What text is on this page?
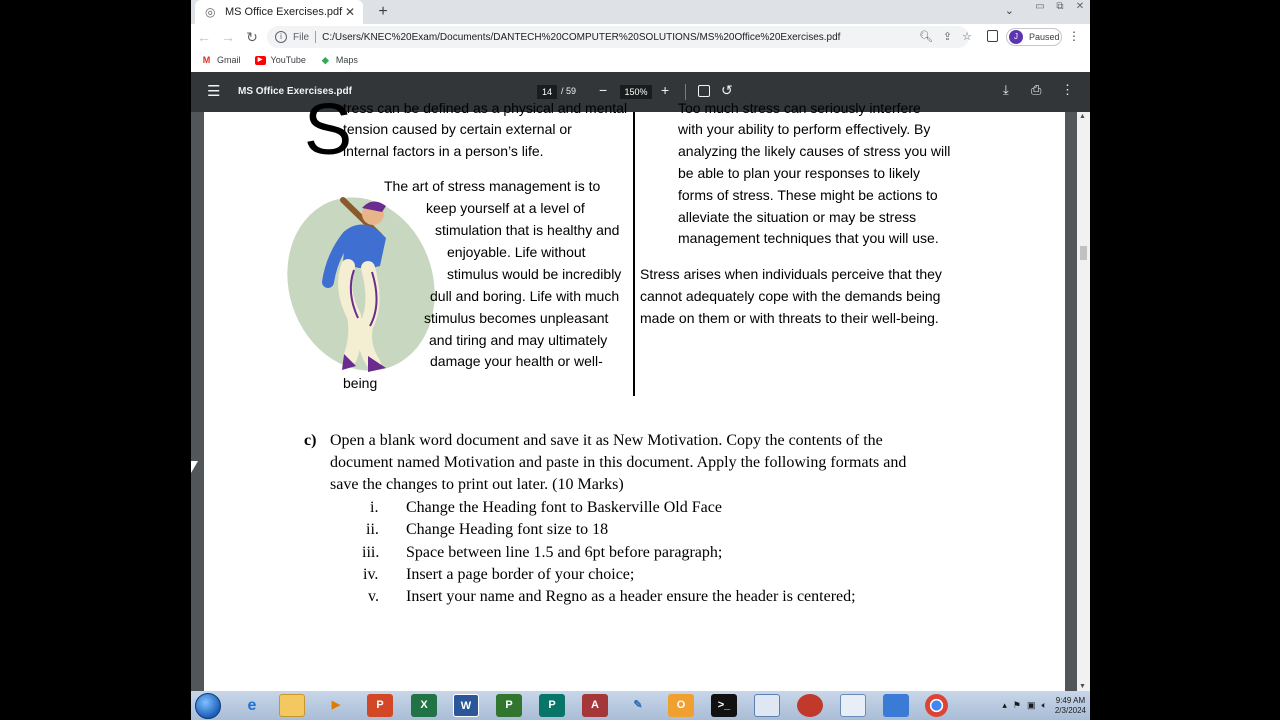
◎ MS Office Exercises.pdf ✕	+	⌄	▭	⧉	✕
← → ↻	i	File C:/Users/KNEC%20Exam/Documents/DANTECH%20COMPUTER%20SOLUTIONS/MS%20Office%20Exercises.pdf	🔍︎ ⇪ ☆	J	Paused ⋮
M Gmail	▶ YouTube ◆ Maps
☰ MS Office Exercises.pdf	14	/ 59 −	150% +	↺	⤓ ⎙ ⋮
S
tress can be defined as a physical and mental
tension caused by certain external or
internal factors in a person’s life.
The art of stress management is to
keep yourself at a level of
stimulation that is healthy and
enjoyable. Life without
stimulus would be incredibly
dull and boring. Life with much
stimulus becomes unpleasant
and tiring and may ultimately
damage your health or well-
being
Too much stress can seriously interfere
with your ability to perform effectively. By
analyzing the likely causes of stress you will
be able to plan your responses to likely
forms of stress. These might be actions to
alleviate the situation or may be stress
management techniques that you will use.
Stress arises when individuals perceive that they
cannot adequately cope with the demands being
made on them or with threats to their well-being.
c) Open a blank word document and save it as New Motivation. Copy the contents of the
document named Motivation and paste in this document. Apply the following formats and
save the changes to print out later. (10 Marks)
i. Change the Heading font to Baskerville Old Face
ii. Change Heading font size to 18
iii. Space between line 1.5 and 6pt before paragraph;
iv. Insert a page border of your choice;
v. Insert your name and Regno as a header ensure the header is centered;
▲
▼
e	▶	P	X	W	P	P	A	✎	O	>_	▴ ⚑ ▣ 🔈︎ 9:49 AM
2/3/2024
